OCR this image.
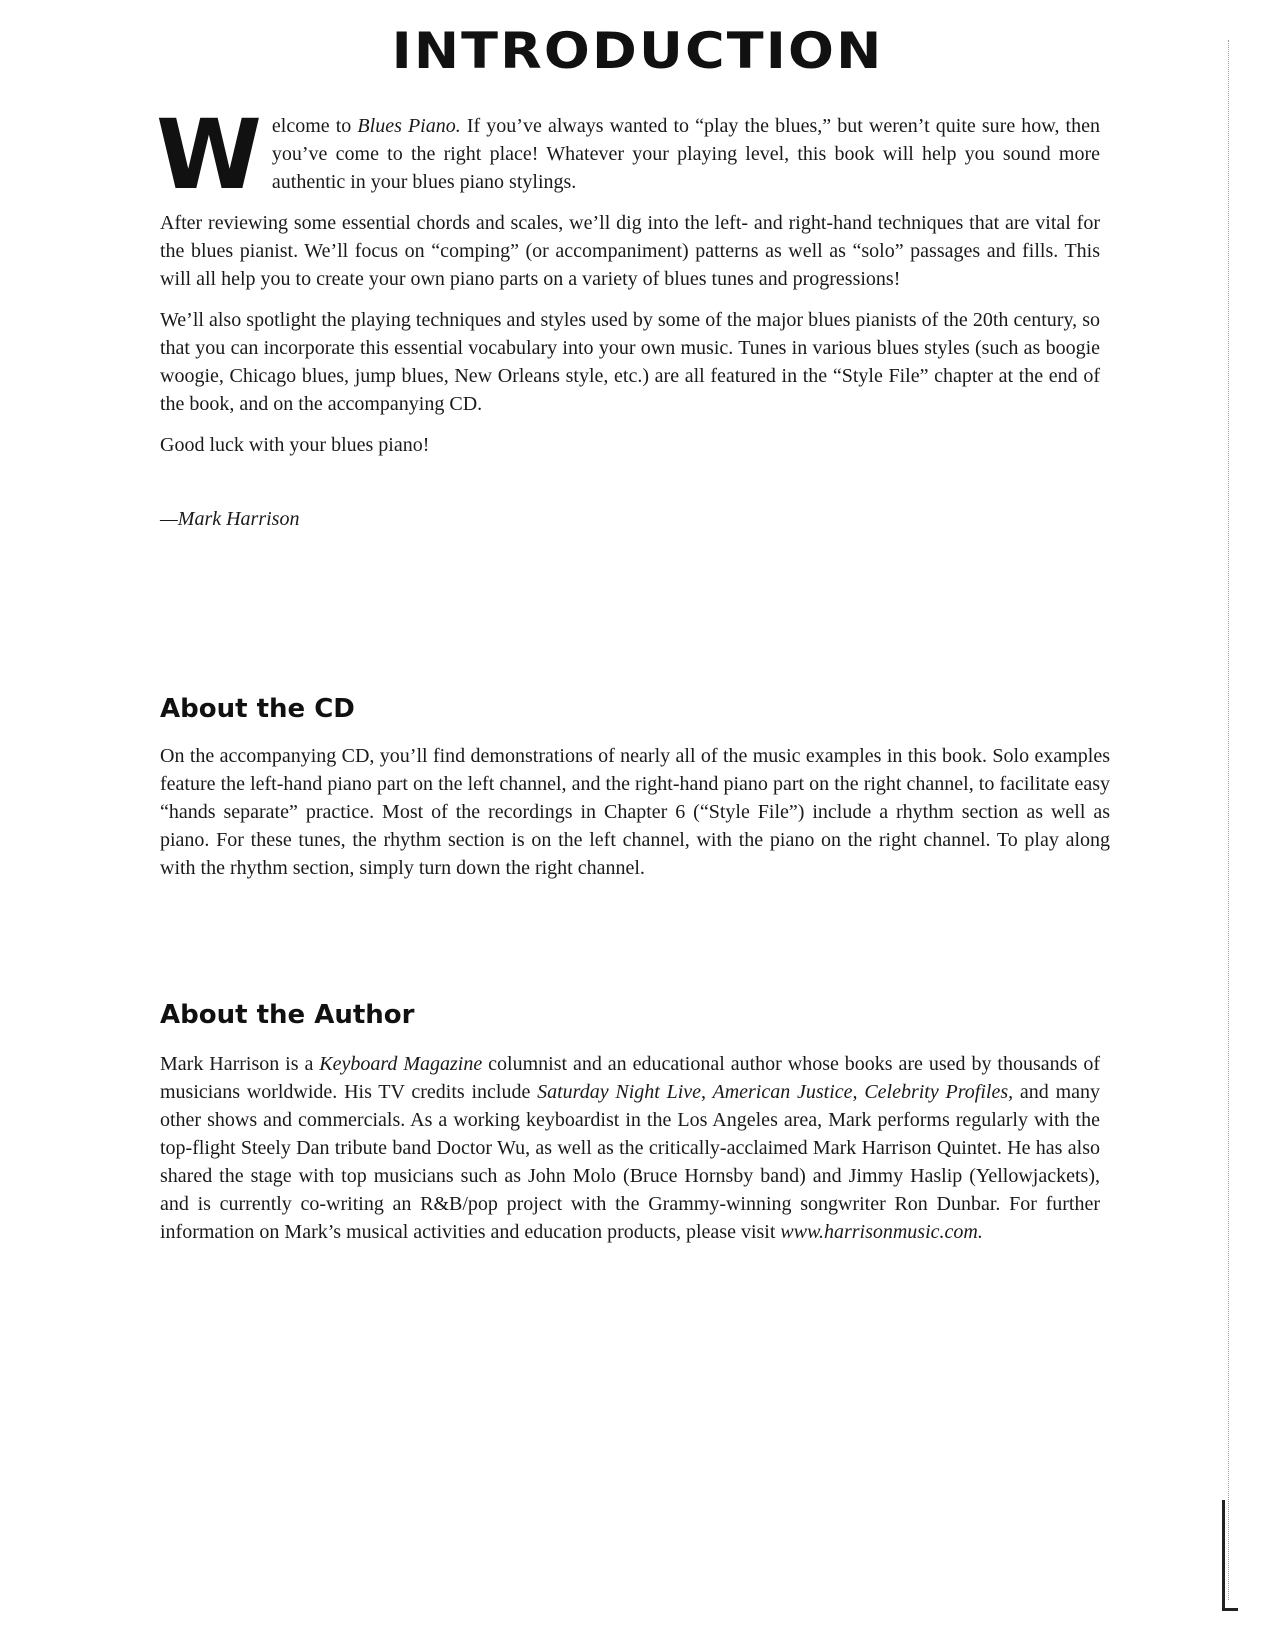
INTRODUCTION
W elcome to Blues Piano. If you’ve always wanted to “play the blues,” but weren’t quite sure how, then you’ve come to the right place! Whatever your playing level, this book will help you sound more authentic in your blues piano stylings.

After reviewing some essential chords and scales, we’ll dig into the left- and right-hand techniques that are vital for the blues pianist. We’ll focus on “comping” (or accompaniment) patterns as well as “solo” passages and fills. This will all help you to create your own piano parts on a variety of blues tunes and progressions!

We’ll also spotlight the playing techniques and styles used by some of the major blues pianists of the 20th century, so that you can incorporate this essential vocabulary into your own music. Tunes in various blues styles (such as boogie woogie, Chicago blues, jump blues, New Orleans style, etc.) are all featured in the “Style File” chapter at the end of the book, and on the accompanying CD.

Good luck with your blues piano!

—Mark Harrison

About the CD

On the accompanying CD, you’ll find demonstrations of nearly all of the music examples in this book. Solo examples feature the left-hand piano part on the left channel, and the right-hand piano part on the right channel, to facilitate easy “hands separate” practice. Most of the recordings in Chapter 6 (“Style File”) include a rhythm section as well as piano. For these tunes, the rhythm section is on the left channel, with the piano on the right channel. To play along with the rhythm section, simply turn down the right channel.

About the Author

Mark Harrison is a Keyboard Magazine columnist and an educational author whose books are used by thousands of musicians worldwide. His TV credits include Saturday Night Live, American Justice, Celebrity Profiles, and many other shows and commercials. As a working keyboardist in the Los Angeles area, Mark performs regularly with the top-flight Steely Dan tribute band Doctor Wu, as well as the critically-acclaimed Mark Harrison Quintet. He has also shared the stage with top musicians such as John Molo (Bruce Hornsby band) and Jimmy Haslip (Yellowjackets), and is currently co-writing an R&B/pop project with the Grammy-winning songwriter Ron Dunbar. For further information on Mark’s musical activities and education products, please visit www.harrisonmusic.com.
